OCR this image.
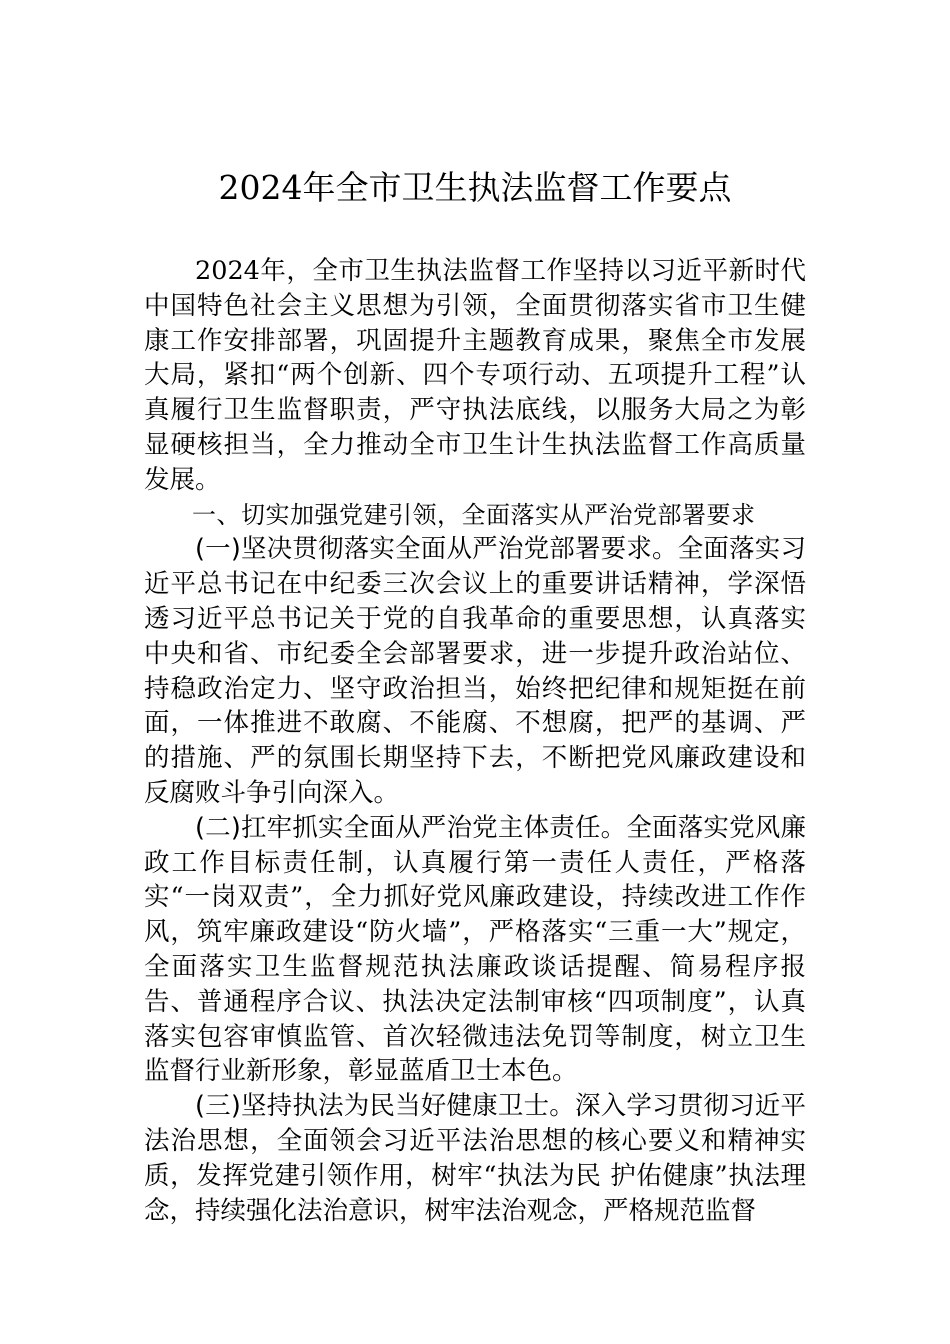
2024年全市卫生执法监督工作要点

2024年，全市卫生执法监督工作坚持以习近平新时代中国特色社会主义思想为引领，全面贯彻落实省市卫生健康工作安排部署，巩固提升主题教育成果，聚焦全市发展大局，紧扣“两个创新、四个专项行动、五项提升工程”认真履行卫生监督职责，严守执法底线，以服务大局之为彰显硬核担当，全力推动全市卫生计生执法监督工作高质量发展。

一、切实加强党建引领，全面落实从严治党部署要求

(一)坚决贯彻落实全面从严治党部署要求。全面落实习近平总书记在中纪委三次会议上的重要讲话精神，学深悟透习近平总书记关于党的自我革命的重要思想，认真落实中央和省、市纪委全会部署要求，进一步提升政治站位、持稳政治定力、坚守政治担当，始终把纪律和规矩挺在前面，一体推进不敢腐、不能腐、不想腐，把严的基调、严的措施、严的氛围长期坚持下去，不断把党风廉政建设和反腐败斗争引向深入。

(二)扛牢抓实全面从严治党主体责任。全面落实党风廉政工作目标责任制，认真履行第一责任人责任，严格落实“一岗双责”，全力抓好党风廉政建设，持续改进工作作风，筑牢廉政建设“防火墙”，严格落实“三重一大”规定，全面落实卫生监督规范执法廉政谈话提醒、简易程序报告、普通程序合议、执法决定法制审核“四项制度”，认真落实包容审慎监管、首次轻微违法免罚等制度，树立卫生监督行业新形象，彰显蓝盾卫士本色。

(三)坚持执法为民当好健康卫士。深入学习贯彻习近平法治思想，全面领会习近平法治思想的核心要义和精神实质，发挥党建引领作用，树牢“执法为民 护佑健康”执法理念，持续强化法治意识，树牢法治观念，严格规范监督
